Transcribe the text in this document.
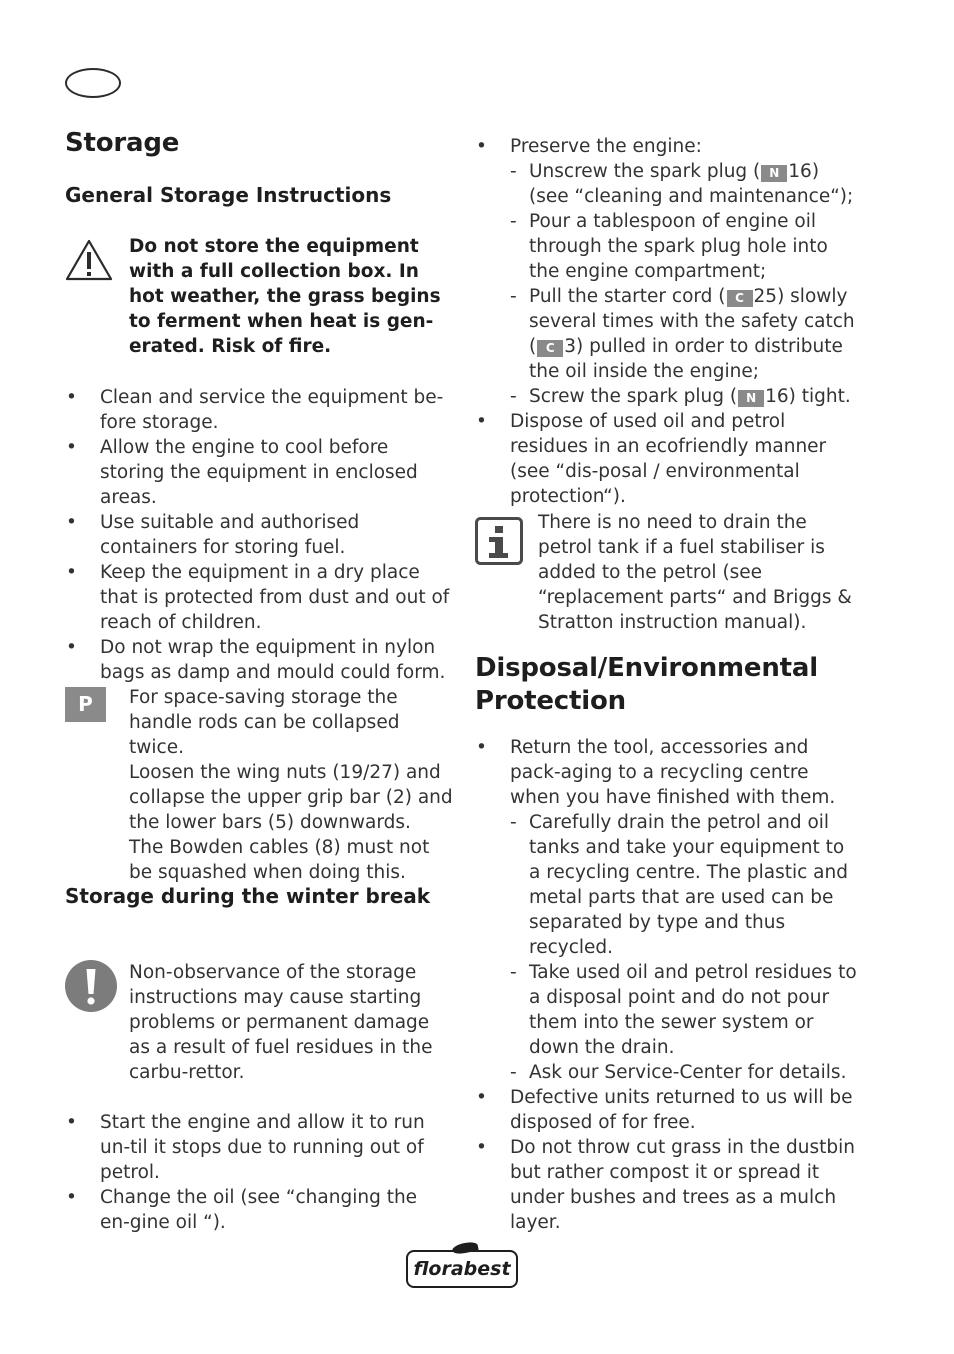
Storage
General Storage Instructions

Do not store the equipment with a full collection box. In hot weather, the grass begins to ferment when heat is gen-erated. Risk of fire.

• Clean and service the equipment be-fore storage.
• Allow the engine to cool before storing the equipment in enclosed areas.
• Use suitable and authorised containers for storing fuel.
• Keep the equipment in a dry place that is protected from dust and out of reach of children.
• Do not wrap the equipment in nylon bags as damp and mould could form.
P	For space-saving storage the handle rods can be collapsed twice.
Loosen the wing nuts (19/27) and collapse the upper grip bar (2) and the lower bars (5) downwards.
The Bowden cables (8) must not be squashed when doing this.
Storage during the winter break

Non-observance of the storage instructions may cause starting problems or permanent damage as a result of fuel residues in the carbu-rettor.

• Start the engine and allow it to run un-til it stops due to running out of petrol.
• Change the oil (see “changing the en-gine oil “).
• Preserve the engine:
- Unscrew the spark plug ( N 16) (see “cleaning and maintenance“);
- Pour a tablespoon of engine oil through the spark plug hole into the engine compartment;
- Pull the starter cord ( C 25) slowly several times with the safety catch ( C 3) pulled in order to distribute the oil inside the engine;
- Screw the spark plug ( N 16) tight.
• Dispose of used oil and petrol residues in an ecofriendly manner (see “dis-posal / environmental protection“).

There is no need to drain the petrol tank if a fuel stabiliser is added to the petrol (see “replacement parts“ and Briggs & Stratton instruction manual).

Disposal/Environmental
Protection
• Return the tool, accessories and pack-aging to a recycling centre when you have finished with them.
- Carefully drain the petrol and oil tanks and take your equipment to a recycling centre. The plastic and metal parts that are used can be separated by type and thus recycled.
- Take used oil and petrol residues to a disposal point and do not pour them into the sewer system or down the drain.
- Ask our Service-Center for details.
• Defective units returned to us will be disposed of for free.
• Do not throw cut grass in the dustbin but rather compost it or spread it under bushes and trees as a mulch layer.
florabest
